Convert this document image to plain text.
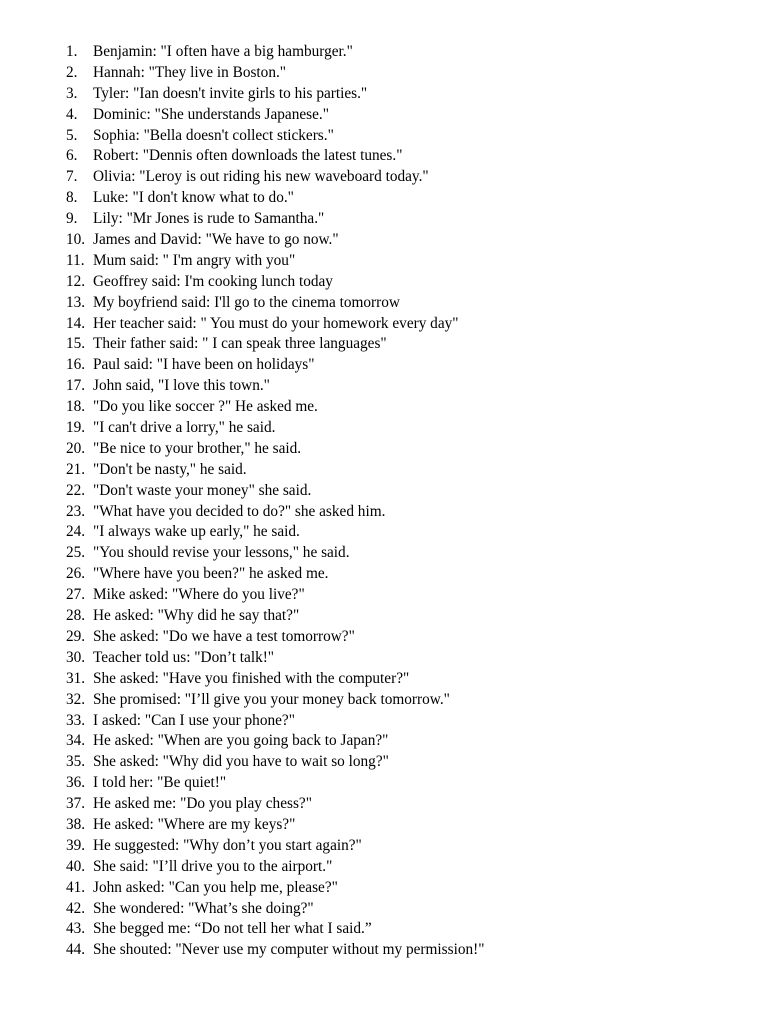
1.	Benjamin: "I often have a big hamburger."
2.	Hannah: "They live in Boston."
3.	Tyler: "Ian doesn't invite girls to his parties."
4.	Dominic: "She understands Japanese."
5.	Sophia: "Bella doesn't collect stickers."
6.	Robert: "Dennis often downloads the latest tunes."
7.	Olivia: "Leroy is out riding his new waveboard today."
8.	Luke: "I don't know what to do."
9.	Lily: "Mr Jones is rude to Samantha."
10. James and David: "We have to go now."
11. Mum said: " I'm angry with you"
12. Geoffrey said: I'm cooking lunch today
13. My boyfriend said: I'll go to the cinema tomorrow
14. Her teacher said: " You must do your homework every day"
15. Their father said: " I can speak three languages"
16. Paul said: "I have been on holidays"
17. John said, "I love this town."
18. "Do you like soccer ?" He asked me.
19. "I can't drive a lorry," he said.
20. "Be nice to your brother," he said.
21. "Don't be nasty," he said.
22. "Don't waste your money" she said.
23. "What have you decided to do?" she asked him.
24. "I always wake up early," he said.
25. "You should revise your lessons," he said.
26. "Where have you been?" he asked me.
27. Mike asked: "Where do you live?"
28. He asked: "Why did he say that?"
29. She asked: "Do we have a test tomorrow?"
30. Teacher told us: "Don’t talk!"
31. She asked: "Have you finished with the computer?"
32. She promised: "I’ll give you your money back tomorrow."
33. I asked: "Can I use your phone?"
34. He asked: "When are you going back to Japan?"
35. She asked: "Why did you have to wait so long?"
36. I told her: "Be quiet!"
37. He asked me: "Do you play chess?"
38. He asked: "Where are my keys?"
39. He suggested: "Why don’t you start again?"
40. She said: "I’ll drive you to the airport."
41. John asked: "Can you help me, please?"
42. She wondered: "What’s she doing?"
43. She begged me: “Do not tell her what I said.”
44. She shouted: "Never use my computer without my permission!"
